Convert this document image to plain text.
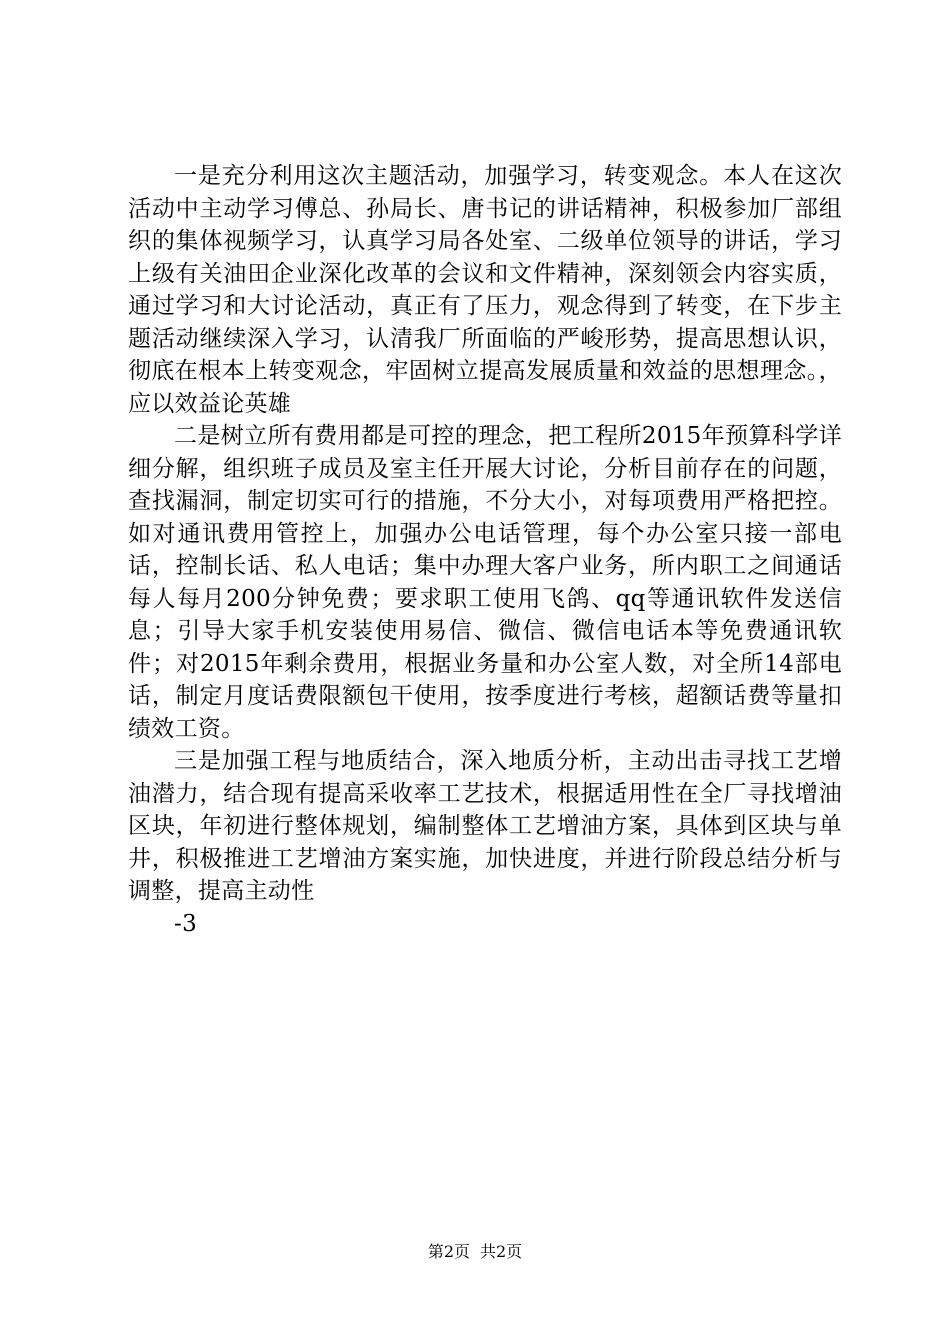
一是充分利用这次主题活动，加强学习，转变观念。本人在这次活动中主动学习傅总、孙局长、唐书记的讲话精神，积极参加厂部组织的集体视频学习，认真学习局各处室、二级单位领导的讲话，学习上级有关油田企业深化改革的会议和文件精神，深刻领会内容实质，通过学习和大讨论活动，真正有了压力，观念得到了转变，在下步主题活动继续深入学习，认清我厂所面临的严峻形势，提高思想认识，彻底在根本上转变观念，牢固树立提高发展质量和效益的思想理念。，应以效益论英雄

二是树立所有费用都是可控的理念，把工程所2015年预算科学详细分解，组织班子成员及室主任开展大讨论，分析目前存在的问题，查找漏洞，制定切实可行的措施，不分大小，对每项费用严格把控。如对通讯费用管控上，加强办公电话管理，每个办公室只接一部电话，控制长话、私人电话；集中办理大客户业务，所内职工之间通话每人每月200分钟免费；要求职工使用飞鸽、qq等通讯软件发送信息；引导大家手机安装使用易信、微信、微信电话本等免费通讯软件；对2015年剩余费用，根据业务量和办公室人数，对全所14部电话，制定月度话费限额包干使用，按季度进行考核，超额话费等量扣绩效工资。

三是加强工程与地质结合，深入地质分析，主动出击寻找工艺增油潜力，结合现有提高采收率工艺技术，根据适用性在全厂寻找增油区块，年初进行整体规划，编制整体工艺增油方案，具体到区块与单井，积极推进工艺增油方案实施，加快进度，并进行阶段总结分析与调整，提高主动性

-3

第2页 共2页
